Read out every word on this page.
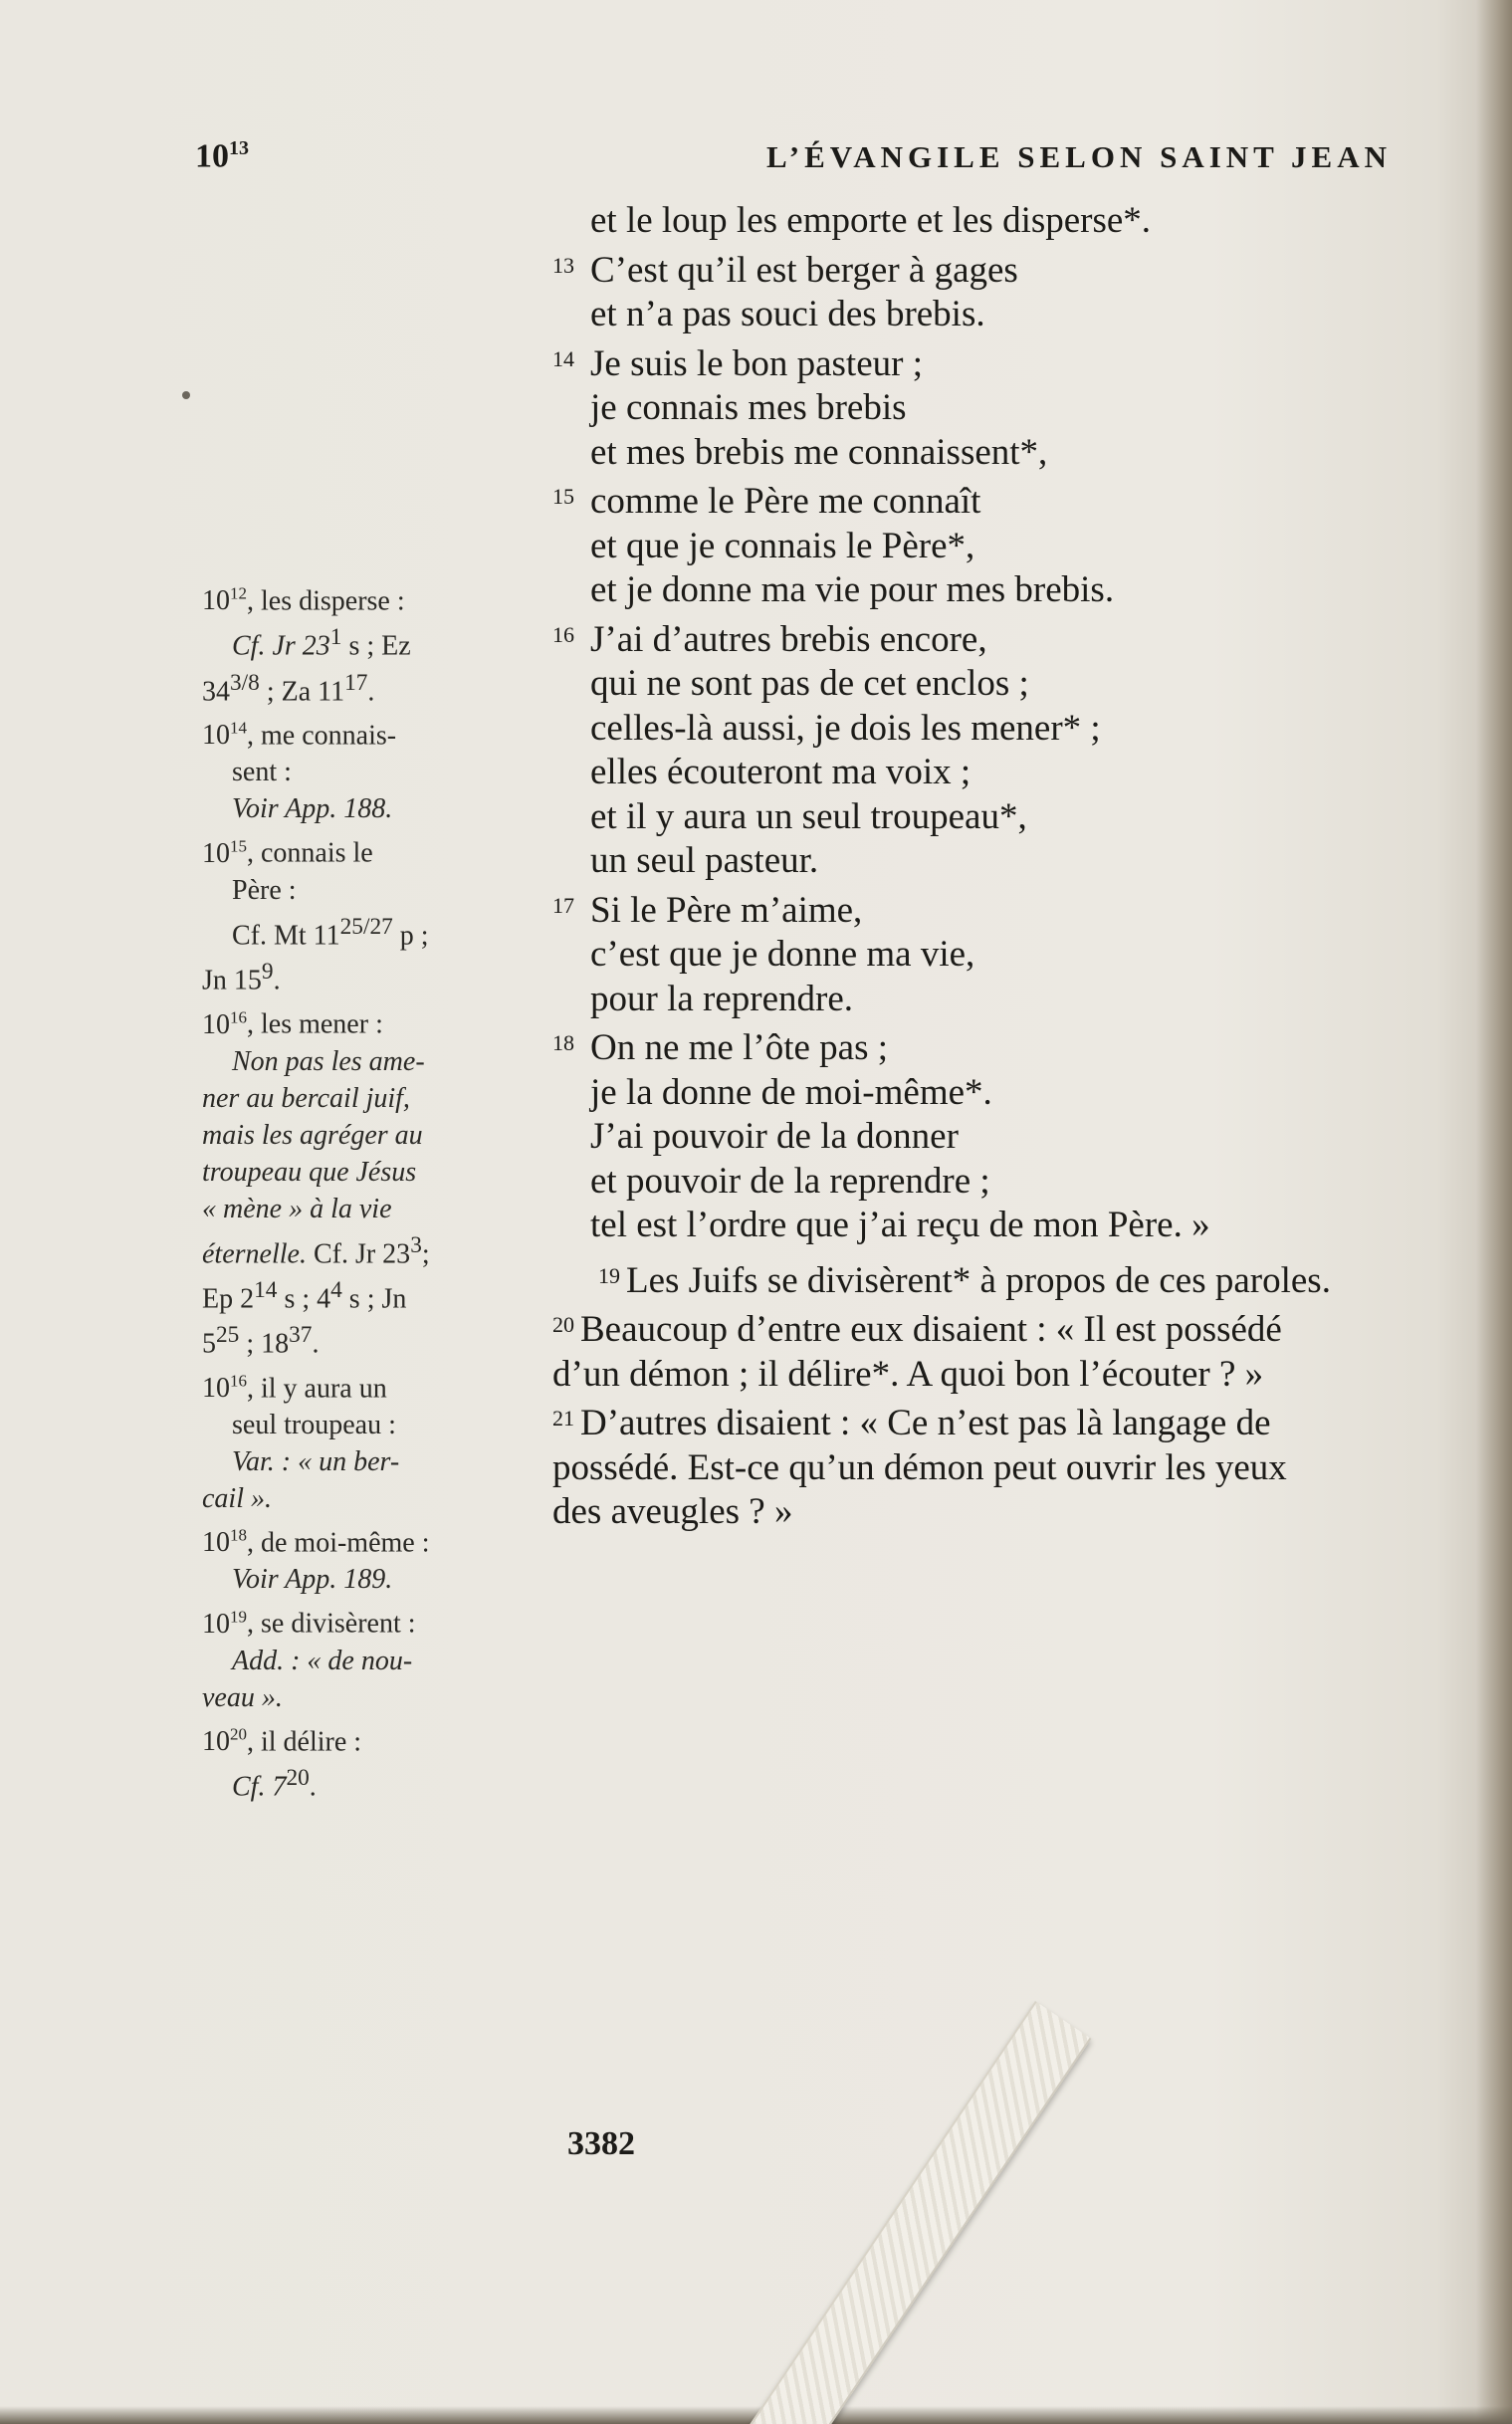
$10^{13}$	L’ÉVANGILE SELON SAINT JEAN
et le loup les emporte et les disperse*.
13 C’est qu’il est berger à gages
et n’a pas souci des brebis.
14 Je suis le bon pasteur ;
je connais mes brebis
et mes brebis me connaissent*,
15 comme le Père me connaît
et que je connais le Père*,
et je donne ma vie pour mes brebis.
16 J’ai d’autres brebis encore,
qui ne sont pas de cet enclos ;
celles-là aussi, je dois les mener* ;
elles écouteront ma voix ;
et il y aura un seul troupeau*,
un seul pasteur.
17 Si le Père m’aime,
c’est que je donne ma vie,
pour la reprendre.
18 On ne me l’ôte pas ;
je la donne de moi-même*.
J’ai pouvoir de la donner
et pouvoir de la reprendre ;
tel est l’ordre que j’ai reçu de mon Père. »
$^{19}$ Les Juifs se divisèrent* à propos de ces paroles.
$^{20}$ Beaucoup d’entre eux disaient : « Il est possédé
d’un démon ; il délire*. A quoi bon l’écouter ? »
$^{21}$ D’autres disaient : « Ce n’est pas là langage de
possédé. Est-ce qu’un démon peut ouvrir les yeux
des aveugles ? »
$10^{12}$, les disperse :
Cf. Jr $23^1$ s ; Ez
$34^{3/8}$ ; Za $11^{17}$.
$10^{14}$, me connais-
sent :
Voir App. 188.
$10^{15}$, connais le
Père :
Cf. Mt $11^{25/27}$ p ;
Jn $15^9$.
$10^{16}$, les mener :
Non pas les ame-
ner au bercail juif,
mais les agréger au
troupeau que Jésus
« mène » à la vie
éternelle. Cf. Jr $23^3$;
Ep $2^{14}$ s ; $4^4$ s ; Jn
$5^{25}$ ; $18^{37}$.
$10^{16}$, il y aura un
seul troupeau :
Var. : « un ber-
cail ».
$10^{18}$, de moi-même :
Voir App. 189.
$10^{19}$, se divisèrent :
Add. : « de nou-
veau ».
$10^{20}$, il délire :
Cf. $7^{20}$.
3382
